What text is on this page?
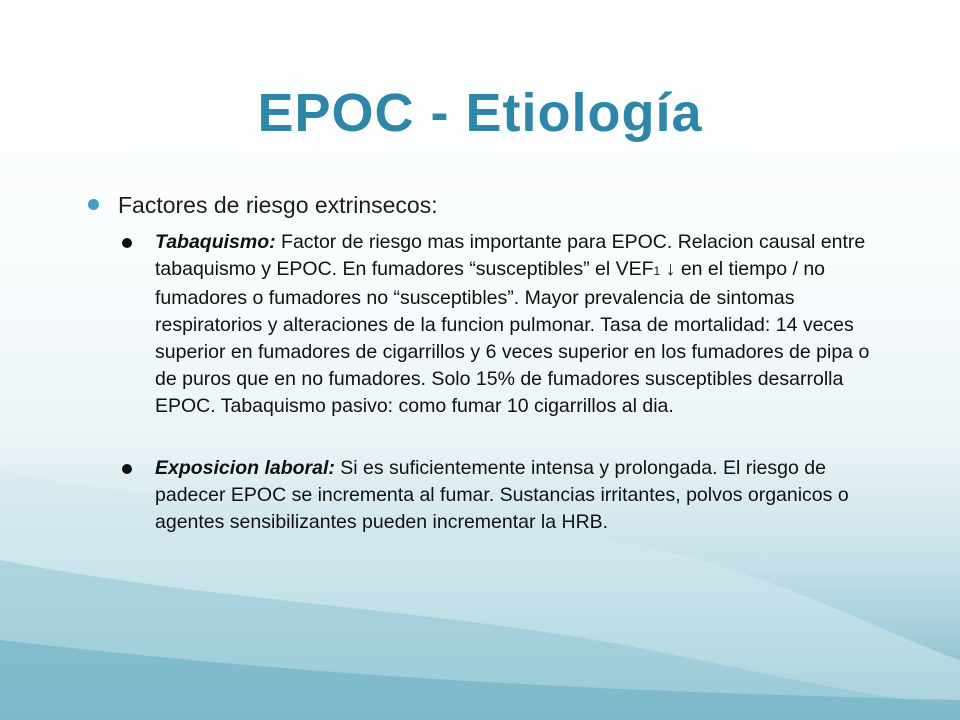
EPOC - Etiología

Factores de riesgo extrinsecos:

Tabaquismo: Factor de riesgo mas importante para EPOC. Relacion causal entre tabaquismo y EPOC. En fumadores “susceptibles” el VEF1 ↓ en el tiempo / no fumadores o fumadores no “susceptibles”. Mayor prevalencia de sintomas respiratorios y alteraciones de la funcion pulmonar. Tasa de mortalidad: 14 veces superior en fumadores de cigarrillos y 6 veces superior en los fumadores de pipa o de puros que en no fumadores. Solo 15% de fumadores susceptibles desarrolla EPOC. Tabaquismo pasivo: como fumar 10 cigarrillos al dia.

Exposicion laboral: Si es suficientemente intensa y prolongada. El riesgo de padecer EPOC se incrementa al fumar. Sustancias irritantes, polvos organicos o agentes sensibilizantes pueden incrementar la HRB.
